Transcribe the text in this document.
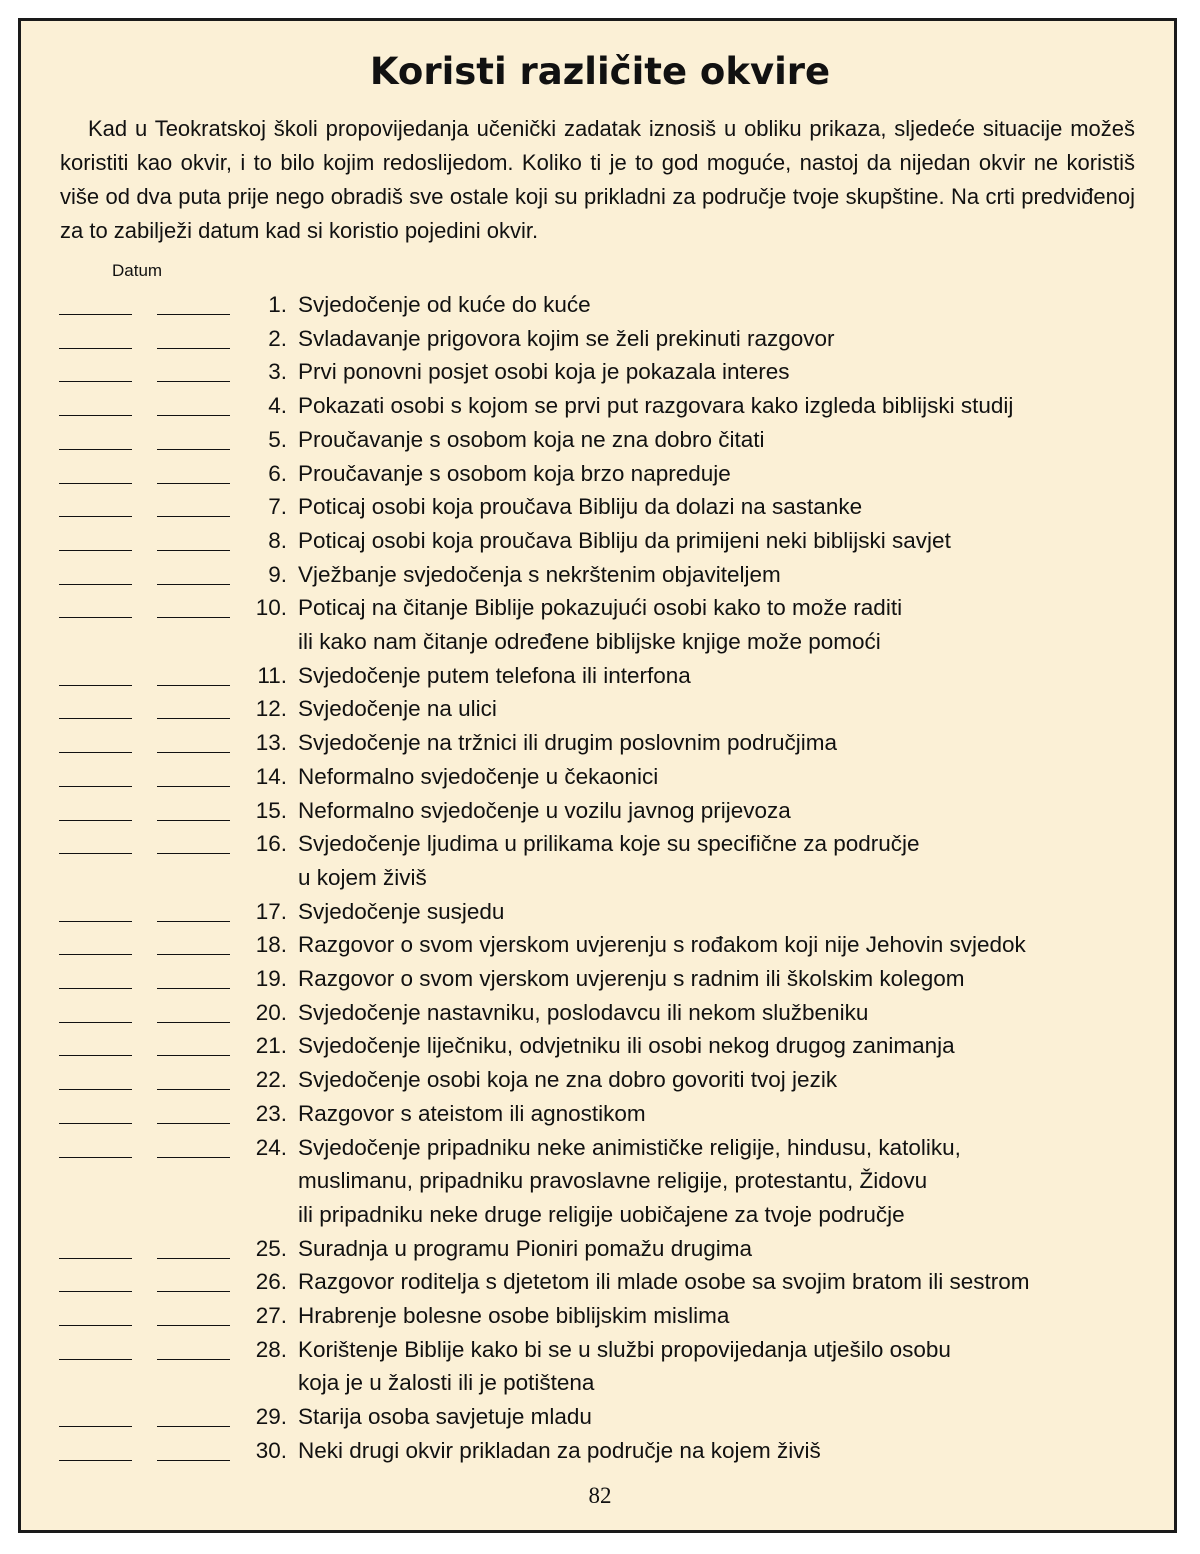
Koristi različite okvire

Kad u Teokratskoj školi propovijedanja učenički zadatak iznosiš u obliku prikaza, sljedeće situacije možeš koristiti kao okvir, i to bilo kojim redoslijedom. Koliko ti je to god moguće, nastoj da nijedan okvir ne koristiš više od dva puta prije nego obradiš sve ostale koji su prikladni za područje tvoje skupštine. Na crti predviđenoj za to zabilježi datum kad si koristio pojedini okvir.

Datum
1. Svjedočenje od kuće do kuće
2. Svladavanje prigovora kojim se želi prekinuti razgovor
3. Prvi ponovni posjet osobi koja je pokazala interes
4. Pokazati osobi s kojom se prvi put razgovara kako izgleda biblijski studij
5. Proučavanje s osobom koja ne zna dobro čitati
6. Proučavanje s osobom koja brzo napreduje
7. Poticaj osobi koja proučava Bibliju da dolazi na sastanke
8. Poticaj osobi koja proučava Bibliju da primijeni neki biblijski savjet
9. Vježbanje svjedočenja s nekrštenim objaviteljem
10. Poticaj na čitanje Biblije pokazujući osobi kako to može raditi
ili kako nam čitanje određene biblijske knjige može pomoći
11. Svjedočenje putem telefona ili interfona
12. Svjedočenje na ulici
13. Svjedočenje na tržnici ili drugim poslovnim područjima
14. Neformalno svjedočenje u čekaonici
15. Neformalno svjedočenje u vozilu javnog prijevoza
16. Svjedočenje ljudima u prilikama koje su specifične za područje
u kojem živiš
17. Svjedočenje susjedu
18. Razgovor o svom vjerskom uvjerenju s rođakom koji nije Jehovin svjedok
19. Razgovor o svom vjerskom uvjerenju s radnim ili školskim kolegom
20. Svjedočenje nastavniku, poslodavcu ili nekom službeniku
21. Svjedočenje liječniku, odvjetniku ili osobi nekog drugog zanimanja
22. Svjedočenje osobi koja ne zna dobro govoriti tvoj jezik
23. Razgovor s ateistom ili agnostikom
24. Svjedočenje pripadniku neke animističke religije, hindusu, katoliku,
muslimanu, pripadniku pravoslavne religije, protestantu, Židovu
ili pripadniku neke druge religije uobičajene za tvoje područje
25. Suradnja u programu Pioniri pomažu drugima
26. Razgovor roditelja s djetetom ili mlade osobe sa svojim bratom ili sestrom
27. Hrabrenje bolesne osobe biblijskim mislima
28. Korištenje Biblije kako bi se u službi propovijedanja utješilo osobu
koja je u žalosti ili je potištena
29. Starija osoba savjetuje mladu
30. Neki drugi okvir prikladan za područje na kojem živiš
82
